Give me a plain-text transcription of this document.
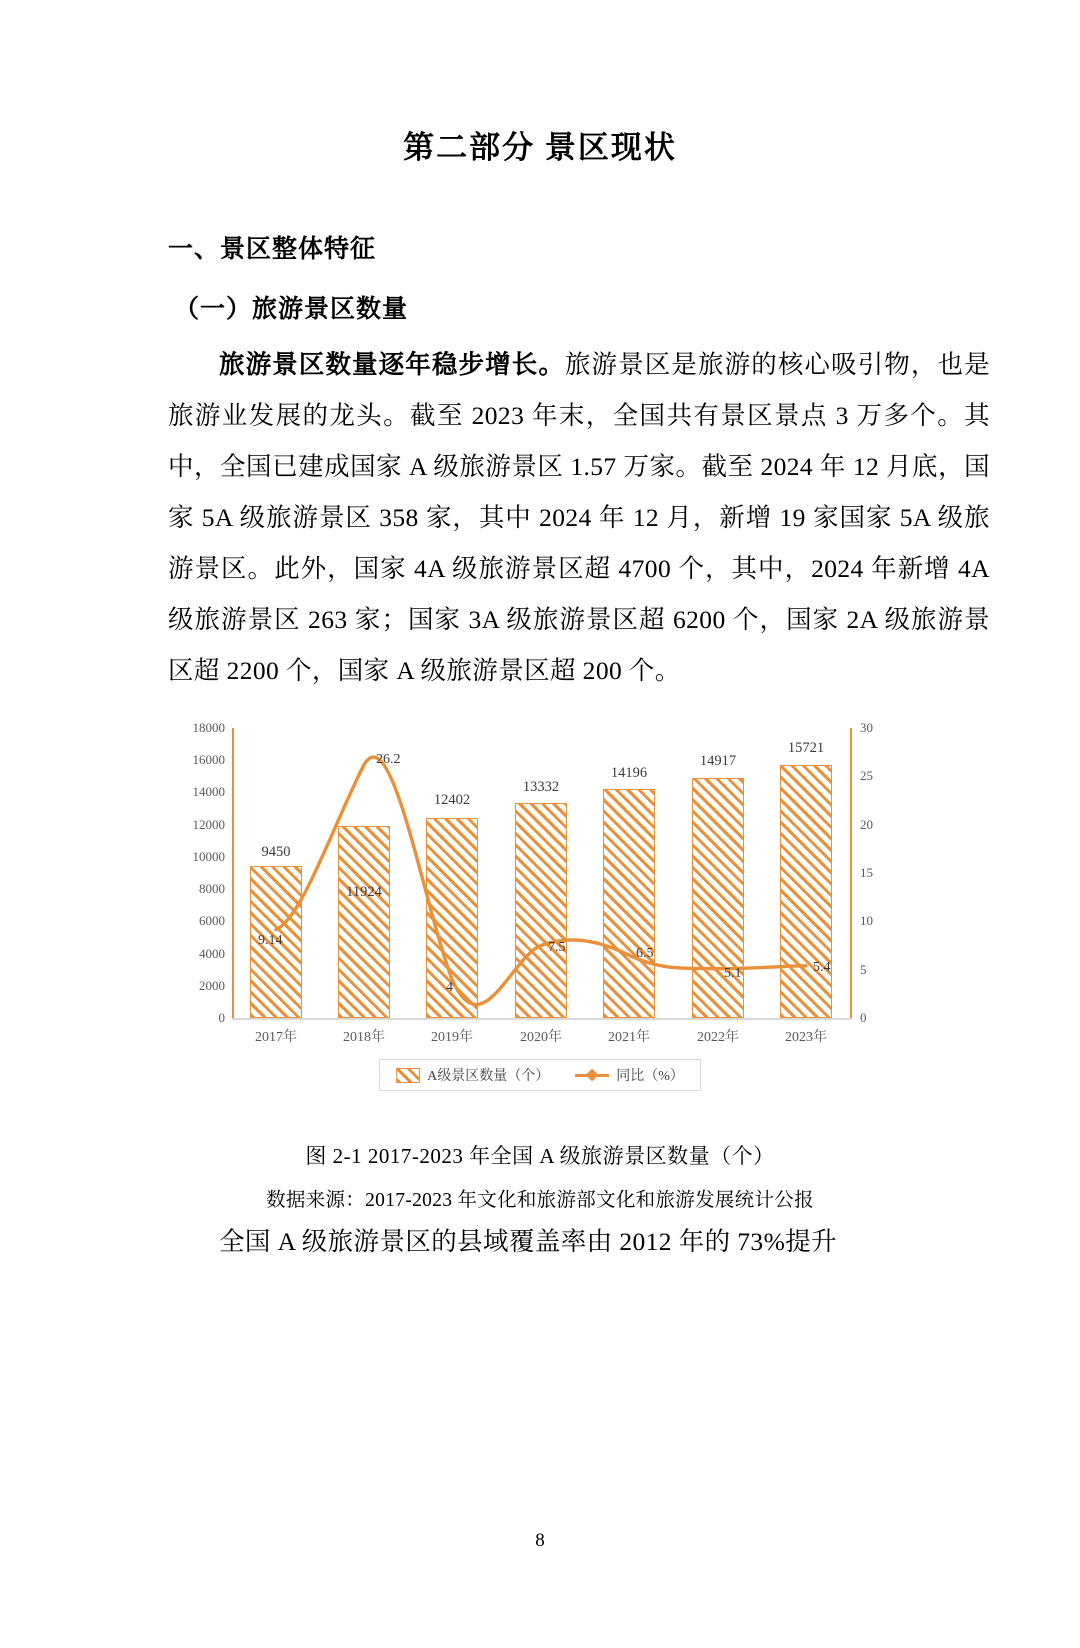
第二部分 景区现状
一、景区整体特征
（一）旅游景区数量

旅游景区数量逐年稳步增长。旅游景区是旅游的核心吸引物，也是旅游业发展的龙头。截至 2023 年末，全国共有景区景点 3 万多个。其中，全国已建成国家 A 级旅游景区 1.57 万家。截至 2024 年 12 月底，国家 5A 级旅游景区 358 家，其中 2024 年 12 月，新增 19 家国家 5A 级旅游景区。此外，国家 4A 级旅游景区超 4700 个，其中，2024 年新增 4A 级旅游景区 263 家；国家 3A 级旅游景区超 6200 个，国家 2A 级旅游景区超 2200 个，国家 A 级旅游景区超 200 个。

0
2000
4000
6000
8000
10000
12000
14000
16000
18000
0
5
10
15
20
25
30
9450
11924
12402
13332
14196
14917
15721
9.14
26.2
4
7.5	6.5
5.1	5.4
2017年	2018年	2019年	2020年	2021年	2022年	2023年
A级景区数量（个）	同比（%）
图 2-1 2017-2023 年全国 A 级旅游景区数量（个）
数据来源：2017-2023 年文化和旅游部文化和旅游发展统计公报

全国 A 级旅游景区的县域覆盖率由 2012 年的 73%提升

8
